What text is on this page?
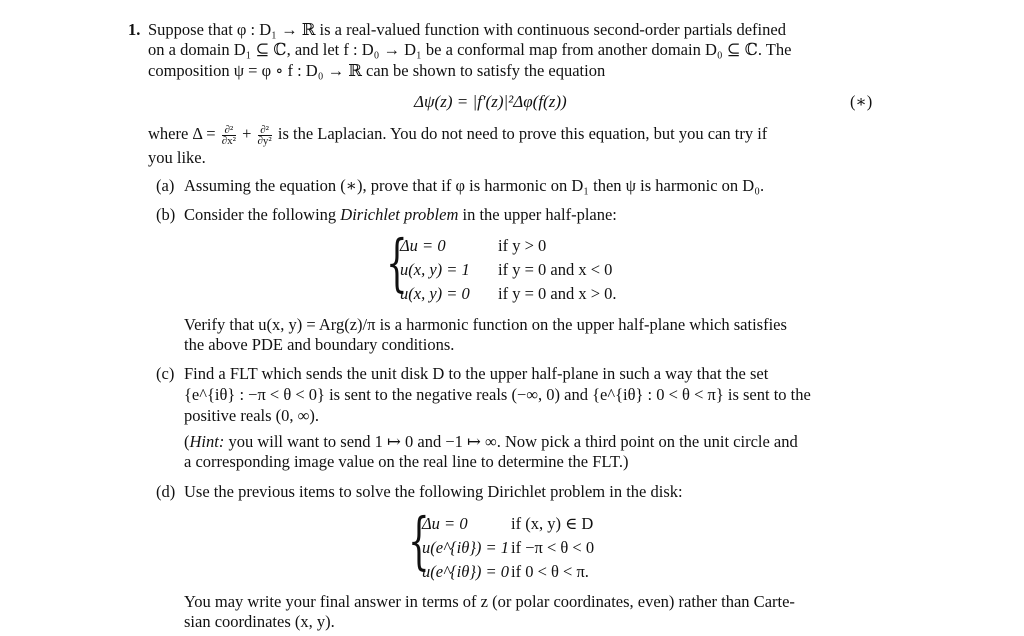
1. Suppose that φ : D₁ → ℝ is a real-valued function with continuous second-order partials defined
on a domain D₁ ⊆ ℂ, and let f : D₀ → D₁ be a conformal map from another domain D₀ ⊆ ℂ. The
composition ψ = φ ∘ f : D₀ → ℝ can be shown to satisfy the equation
Δψ(z) = |f′(z)|²Δφ(f(z))	(∗)
where $\Delta = \frac{\text{∂²}}{\text{∂x²}} + \frac{\text{∂²}}{\text{∂y²}}$ is the Laplacian. You do not need to prove this equation, but you can try if
you like.
(a) Assuming the equation (∗), prove that if φ is harmonic on D₁ then ψ is harmonic on D₀.
(b) Consider the following Dirichlet problem in the upper half-plane:
{
Δu = 0	if y > 0
u(x, y) = 1 if y = 0 and x < 0
u(x, y) = 0 if y = 0 and x > 0.
Verify that u(x, y) = Arg(z)/π is a harmonic function on the upper half-plane which satisfies
the above PDE and boundary conditions.
(c) Find a FLT which sends the unit disk D to the upper half-plane in such a way that the set
{e^{iθ} : −π < θ < 0} is sent to the negative reals (−∞, 0) and {e^{iθ} : 0 < θ < π} is sent to the
positive reals (0, ∞).
(Hint: you will want to send 1 ↦ 0 and −1 ↦ ∞. Now pick a third point on the unit circle and
a corresponding image value on the real line to determine the FLT.)
(d) Use the previous items to solve the following Dirichlet problem in the disk:
{
Δu = 0	if (x, y) ∈ D
u(e^{iθ}) = 1 if −π < θ < 0
u(e^{iθ}) = 0 if 0 < θ < π.
You may write your final answer in terms of z (or polar coordinates, even) rather than Carte-
sian coordinates (x, y).
